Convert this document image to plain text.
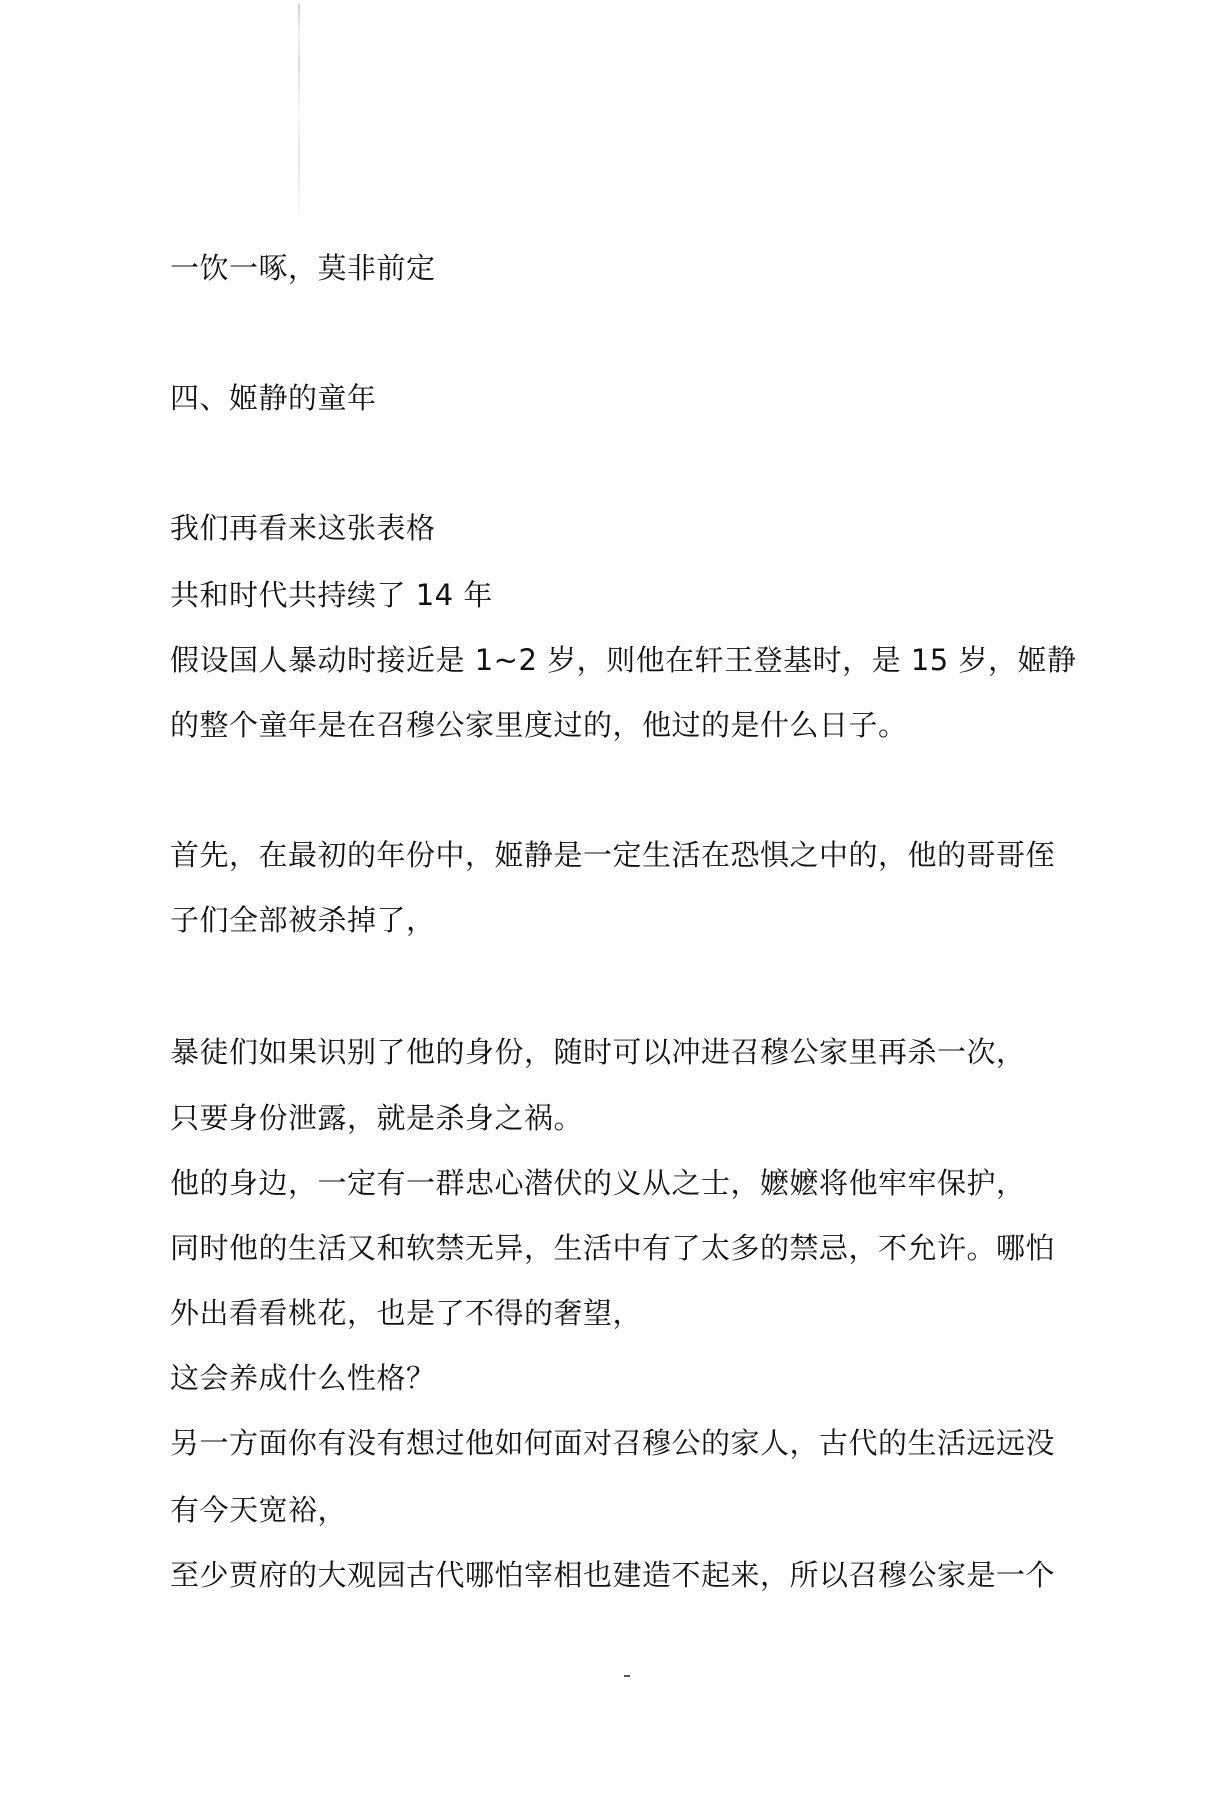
一饮一啄，莫非前定

四、姬静的童年

我们再看来这张表格

共和时代共持续了 14 年

假设国人暴动时接近是 1~2 岁，则他在轩王登基时，是 15 岁，姬静

的整个童年是在召穆公家里度过的，他过的是什么日子。

首先，在最初的年份中，姬静是一定生活在恐惧之中的，他的哥哥侄

子们全部被杀掉了，

暴徒们如果识别了他的身份，随时可以冲进召穆公家里再杀一次，

只要身份泄露，就是杀身之祸。

他的身边，一定有一群忠心潜伏的义从之士，嬷嬷将他牢牢保护，

同时他的生活又和软禁无异，生活中有了太多的禁忌，不允许。哪怕

外出看看桃花，也是了不得的奢望，

这会养成什么性格？

另一方面你有没有想过他如何面对召穆公的家人，古代的生活远远没

有今天宽裕，

至少贾府的大观园古代哪怕宰相也建造不起来，所以召穆公家是一个
